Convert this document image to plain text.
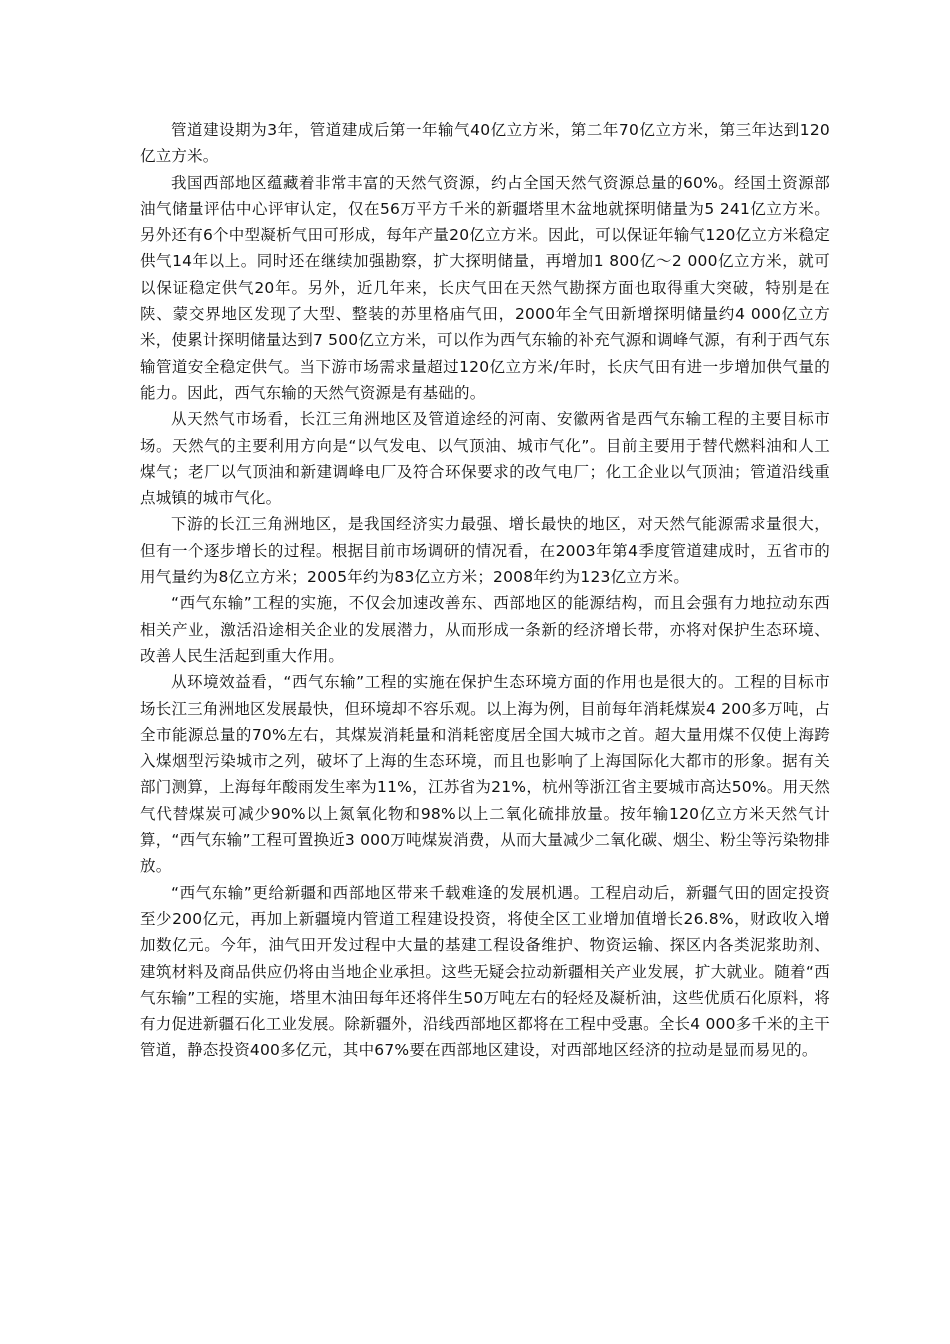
管道建设期为3年，管道建成后第一年输气40亿立方米，第二年70亿立方米，第三年达到120亿立方米。

我国西部地区蕴藏着非常丰富的天然气资源，约占全国天然气资源总量的60%。经国土资源部油气储量评估中心评审认定，仅在56万平方千米的新疆塔里木盆地就探明储量为5 241亿立方米。另外还有6个中型凝析气田可形成，每年产量20亿立方米。因此，可以保证年输气120亿立方米稳定供气14年以上。同时还在继续加强勘察，扩大探明储量，再增加1 800亿～2 000亿立方米，就可以保证稳定供气20年。另外，近几年来，长庆气田在天然气勘探方面也取得重大突破，特别是在陕、蒙交界地区发现了大型、整装的苏里格庙气田，2000年全气田新增探明储量约4 000亿立方米，使累计探明储量达到7 500亿立方米，可以作为西气东输的补充气源和调峰气源，有利于西气东输管道安全稳定供气。当下游市场需求量超过120亿立方米/年时，长庆气田有进一步增加供气量的能力。因此，西气东输的天然气资源是有基础的。

从天然气市场看，长江三角洲地区及管道途经的河南、安徽两省是西气东输工程的主要目标市场。天然气的主要利用方向是“以气发电、以气顶油、城市气化”。目前主要用于替代燃料油和人工煤气；老厂以气顶油和新建调峰电厂及符合环保要求的改气电厂；化工企业以气顶油；管道沿线重点城镇的城市气化。

下游的长江三角洲地区，是我国经济实力最强、增长最快的地区，对天然气能源需求量很大，但有一个逐步增长的过程。根据目前市场调研的情况看，在2003年第4季度管道建成时，五省市的用气量约为8亿立方米；2005年约为83亿立方米；2008年约为123亿立方米。

“西气东输”工程的实施，不仅会加速改善东、西部地区的能源结构，而且会强有力地拉动东西相关产业，激活沿途相关企业的发展潜力，从而形成一条新的经济增长带，亦将对保护生态环境、改善人民生活起到重大作用。

从环境效益看，“西气东输”工程的实施在保护生态环境方面的作用也是很大的。工程的目标市场长江三角洲地区发展最快，但环境却不容乐观。以上海为例，目前每年消耗煤炭4 200多万吨，占全市能源总量的70%左右，其煤炭消耗量和消耗密度居全国大城市之首。超大量用煤不仅使上海跨入煤烟型污染城市之列，破坏了上海的生态环境，而且也影响了上海国际化大都市的形象。据有关部门测算，上海每年酸雨发生率为11%，江苏省为21%，杭州等浙江省主要城市高达50%。用天然气代替煤炭可减少90%以上氮氧化物和98%以上二氧化硫排放量。按年输120亿立方米天然气计算，“西气东输”工程可置换近3 000万吨煤炭消费，从而大量减少二氧化碳、烟尘、粉尘等污染物排放。

“西气东输”更给新疆和西部地区带来千载难逢的发展机遇。工程启动后，新疆气田的固定投资至少200亿元，再加上新疆境内管道工程建设投资，将使全区工业增加值增长26.8%，财政收入增加数亿元。今年，油气田开发过程中大量的基建工程设备维护、物资运输、探区内各类泥浆助剂、建筑材料及商品供应仍将由当地企业承担。这些无疑会拉动新疆相关产业发展，扩大就业。随着“西气东输”工程的实施，塔里木油田每年还将伴生50万吨左右的轻烃及凝析油，这些优质石化原料，将有力促进新疆石化工业发展。除新疆外，沿线西部地区都将在工程中受惠。全长4 000多千米的主干管道，静态投资400多亿元，其中67%要在西部地区建设，对西部地区经济的拉动是显而易见的。
